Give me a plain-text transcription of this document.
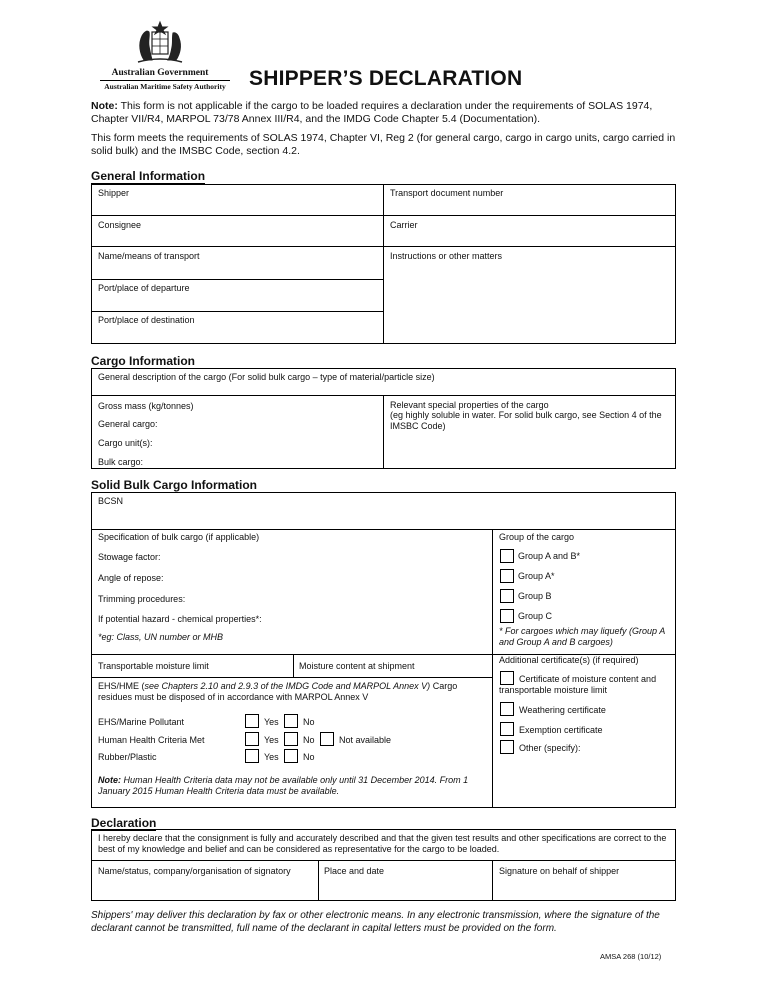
Australian Government
Australian Maritime Safety Authority	SHIPPER’S DECLARATION
Note: This form is not applicable if the cargo to be loaded requires a declaration under the requirements of SOLAS 1974, Chapter VII/R4, MARPOL 73/78 Annex III/R4, and the IMDG Code Chapter 5.4 (Documentation).
This form meets the requirements of SOLAS 1974, Chapter VI, Reg 2 (for general cargo, cargo in cargo units, cargo carried in solid bulk) and the IMSBC Code, section 4.2.
General Information
Shipper	Transport document number
Consignee	Carrier
Name/means of transport	Instructions or other matters
Port/place of departure
Port/place of destination
Cargo Information
General description of the cargo (For solid bulk cargo – type of material/particle size)
Gross mass (kg/tonnes)
General cargo:
Cargo unit(s):
Bulk cargo:
Relevant special properties of the cargo
(eg highly soluble in water. For solid bulk cargo, see Section 4 of the IMSBC Code)
Solid Bulk Cargo Information
BCSN
Specification of bulk cargo (if applicable)
Stowage factor:
Angle of repose:
Trimming procedures:
If potential hazard - chemical properties*:
*eg: Class, UN number or MHB
Group of the cargo
Group A and B*
Group A*
Group B
Group C
* For cargoes which may liquefy (Group A and Group A and B cargoes)
Transportable moisture limit	Moisture content at shipment
Additional certificate(s) (if required)
Certificate of moisture content and transportable moisture limit
Weathering certificate
Exemption certificate
Other (specify):
EHS/HME (see Chapters 2.10 and 2.9.3 of the IMDG Code and MARPOL Annex V) Cargo residues must be disposed of in accordance with MARPOL Annex V
EHS/Marine Pollutant	Yes	No
Human Health Criteria Met	Yes	No	Not available
Rubber/Plastic	Yes	No
Note: Human Health Criteria data may not be available only until 31 December 2014. From 1 January 2015 Human Health Criteria data must be available.
Declaration
I hereby declare that the consignment is fully and accurately described and that the given test results and other specifications are correct to the best of my knowledge and belief and can be considered as representative for the cargo to be loaded.
Name/status, company/organisation of signatory	Place and date	Signature on behalf of shipper
Shippers' may deliver this declaration by fax or other electronic means. In any electronic transmission, where the signature of the declarant cannot be transmitted, full name of the declarant in capital letters must be provided on the form.
AMSA 268 (10/12)
